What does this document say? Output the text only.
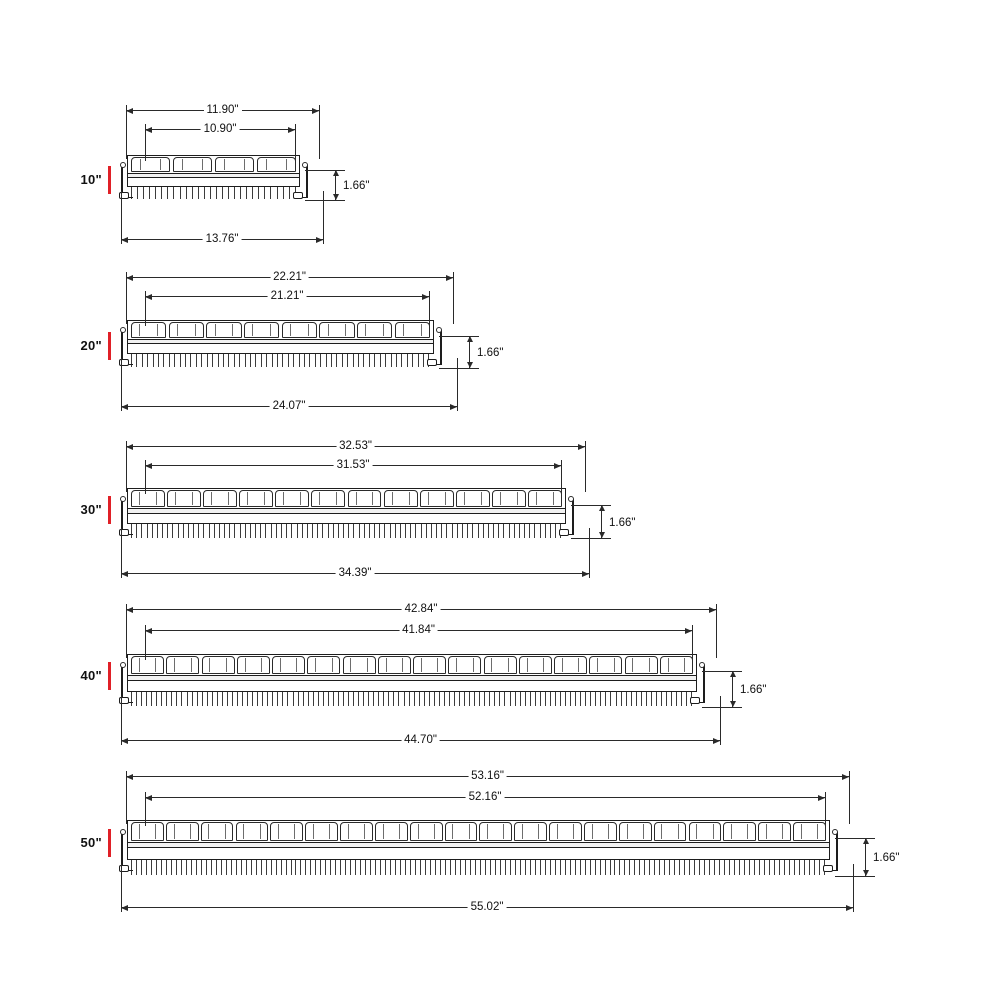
10"
11.90"
10.90"
13.76"
1.66"
20"
22.21"
21.21"
24.07"
1.66"
30"
32.53"
31.53"
34.39"
1.66"
40"
42.84"
41.84"
44.70"
1.66"
50"
53.16"
52.16"
55.02"
1.66"
